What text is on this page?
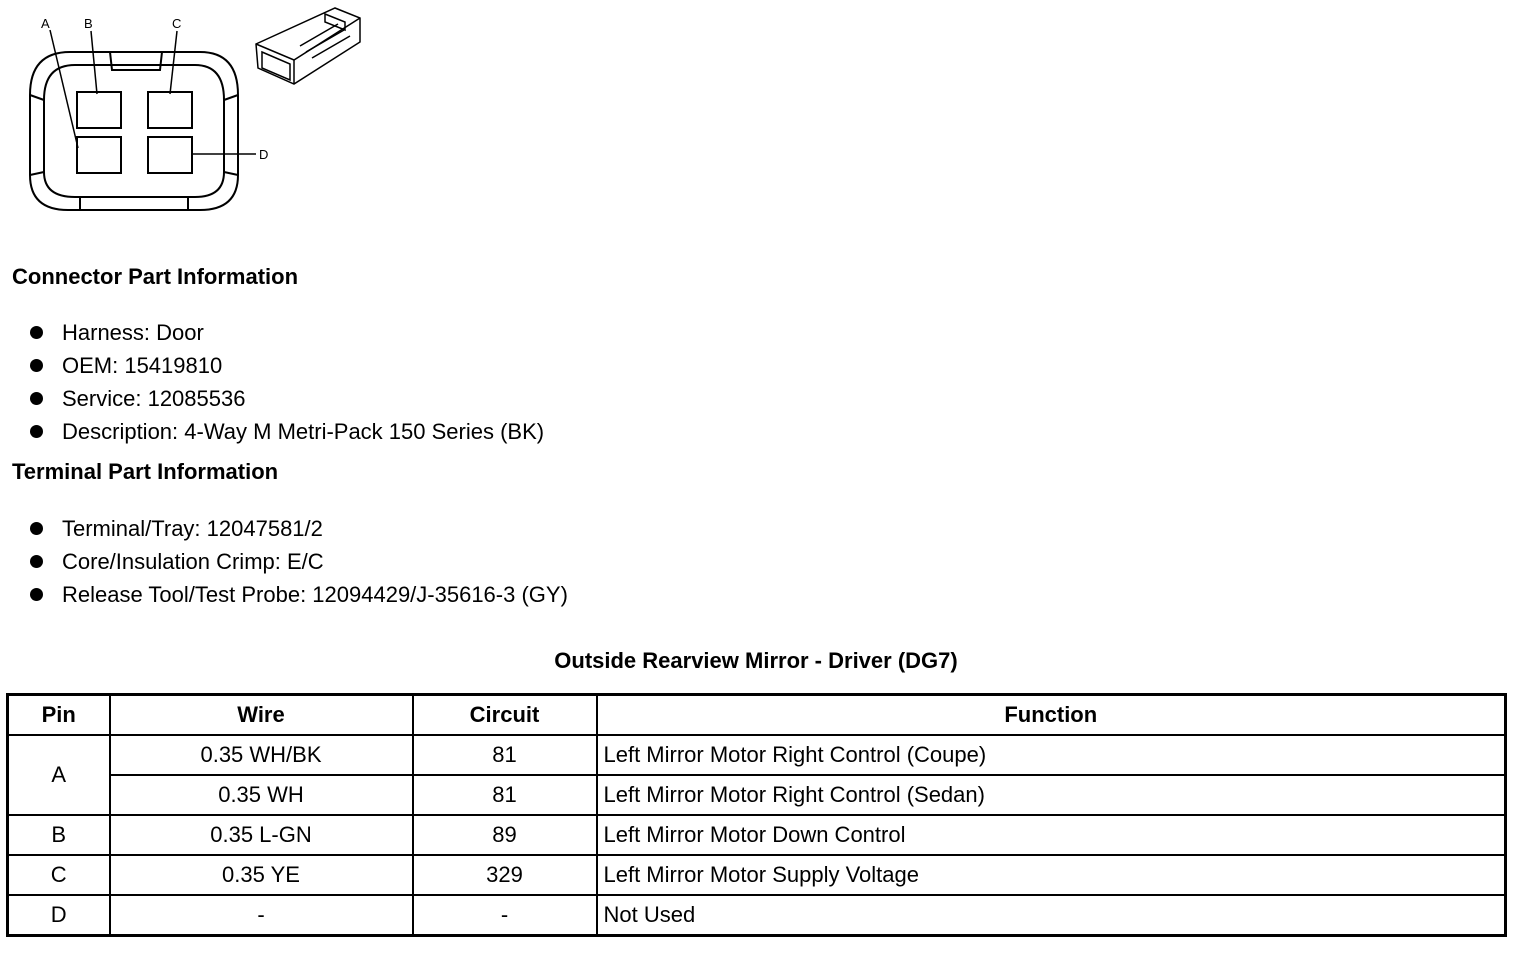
A	B	C
D
Connector Part Information
Harness: Door
OEM: 15419810
Service: 12085536
Description: 4-Way M Metri-Pack 150 Series (BK)
Terminal Part Information
Terminal/Tray: 12047581/2
Core/Insulation Crimp: E/C
Release Tool/Test Probe: 12094429/J-35616-3 (GY)
Outside Rearview Mirror - Driver (DG7)
Pin	Wire	Circuit	Function
A	0.35 WH/BK	81	Left Mirror Motor Right Control (Coupe)
	0.35 WH	81	Left Mirror Motor Right Control (Sedan)
B	0.35 L-GN	89	Left Mirror Motor Down Control
C	0.35 YE	329	Left Mirror Motor Supply Voltage
D	-	-	Not Used
